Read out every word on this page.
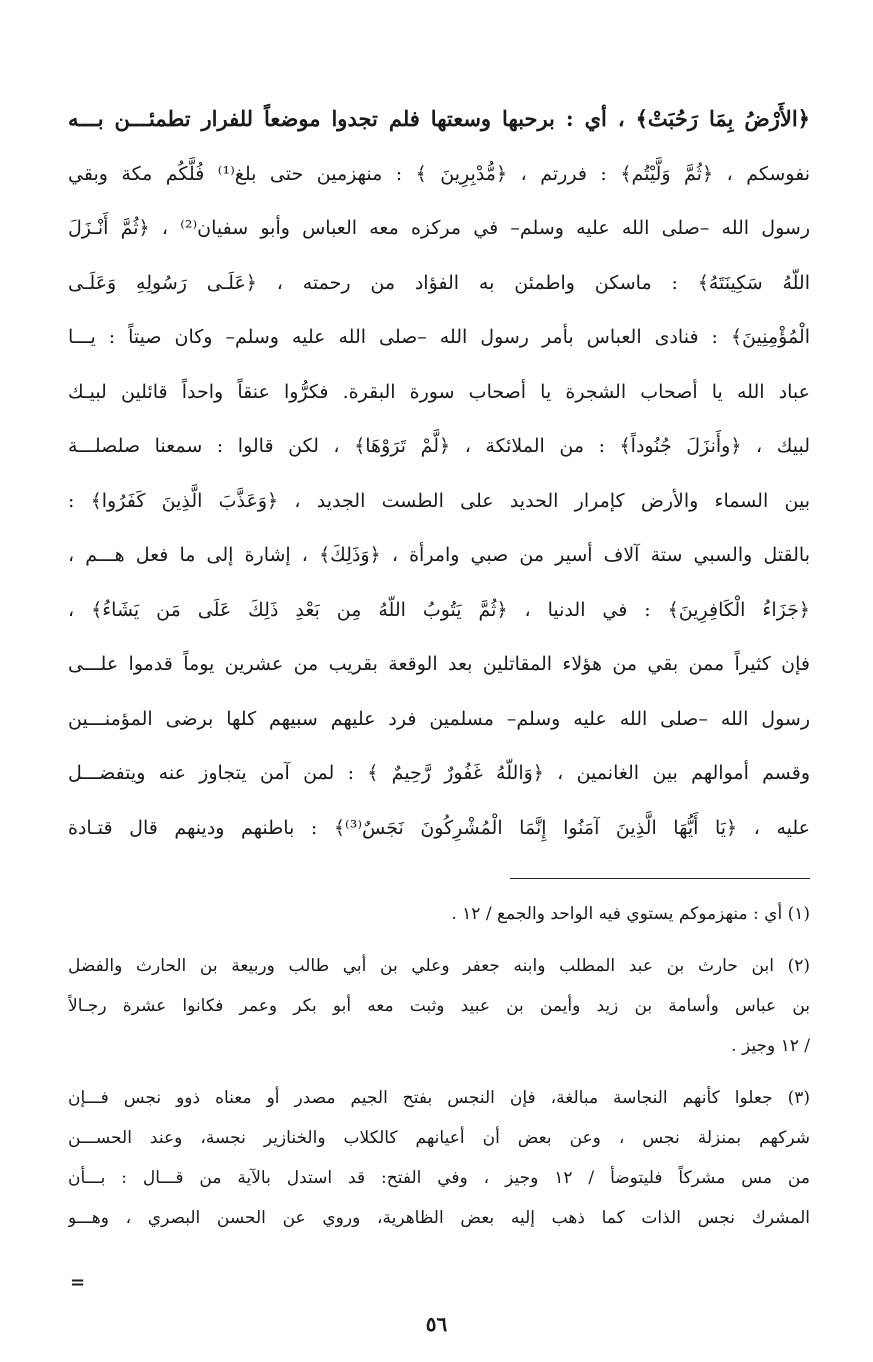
﴿الأَرْضُ بِمَا رَحُبَتْ﴾ ، أي : برحبها وسعتها فلم تجدوا موضعاً للفرار تطمئـــن بـــه
نفوسكم ، ﴿ثُمَّ وَلَّيْتُم﴾ : فررتم ، ﴿مُّدْبِرِينَ ﴾ : منهزمين حتى بلغ⁽¹⁾ فُلَّكُم مكة وبقي
رسول الله –صلى الله عليه وسلم– في مركزه معه العباس وأبو سفيان⁽²⁾ ، ﴿ثُمَّ أَنْـزَلَ
اللّهُ سَكِينَتَهُ﴾ : ماسكن واطمئن به الفؤاد من رحمته ، ﴿عَلَـى رَسُولِهِ وَعَلَـى
الْمُؤْمِنِينَ﴾ : فنادى العباس بأمر رسول الله –صلى الله عليه وسلم– وكان صيتاً : يـــا
عباد الله يا أصحاب الشجرة يا أصحاب سورة البقرة. فكرُّوا عنقاً واحداً قائلين لبيـك
لبيك ، ﴿وأَنزَلَ جُنُوداً﴾ : من الملائكة ، ﴿لَّمْ تَرَوْهَا﴾ ، لكن قالوا : سمعنا صلصلـــة
بين السماء والأرض كإمرار الحديد على الطست الجديد ، ﴿وَعَذَّبَ الَّذِينَ كَفَرُوا﴾ :
بالقتل والسبي ستة آلاف أسير من صبي وامرأة ، ﴿وَذَلِكَ﴾ ، إشارة إلى ما فعل هـــم ،
﴿جَزَاءُ الْكَافِرِينَ﴾ : في الدنيا ، ﴿ثُمَّ يَتُوبُ اللّهُ مِن بَعْدِ ذَلِكَ عَلَى مَن يَشَاءُ﴾ ،
فإن كثيراً ممن بقي من هؤلاء المقاتلين بعد الوقعة بقريب من عشرين يوماً قدموا علـــى
رسول الله –صلى الله عليه وسلم– مسلمين فرد عليهم سبيهم كلها برضى المؤمنـــين
وقسم أموالهم بين الغانمين ، ﴿وَاللّهُ غَفُورٌ رَّحِيمٌ ﴾ : لمن آمن يتجاوز عنه ويتفضـــل
عليه ، ﴿يَا أَيُّهَا الَّذِينَ آمَنُوا إِنَّمَا الْمُشْرِكُونَ نَجَسٌ⁽³⁾﴾ : باطنهم ودينهم قال قتـادة
(١) أي : منهزموكم يستوي فيه الواحد والجمع / ١٢ .
(٢) ابن حارث بن عبد المطلب وابنه جعفر وعلي بن أبي طالب وربيعة بن الحارث والفضل
بن عباس وأسامة بن زيد وأيمن بن عبيد وثبت معه أبو بكر وعمر فكانوا عشرة رجـالاً
/ ١٢ وجيز .
(٣) جعلوا كأنهم النجاسة مبالغة، فإن النجس بفتح الجيم مصدر أو معناه ذوو نجس فـــإن
شركهم بمنزلة نجس ، وعن بعض أن أعيانهم كالكلاب والخنازير نجسة، وعند الحســـن
من مس مشركاً فليتوضأ / ١٢ وجيز ، وفي الفتح: قد استدل بالآية من قـــال : بـــأن
المشرك نجس الذات كما ذهب إليه بعض الظاهرية، وروي عن الحسن البصري ، وهـــو
=
٥٦
